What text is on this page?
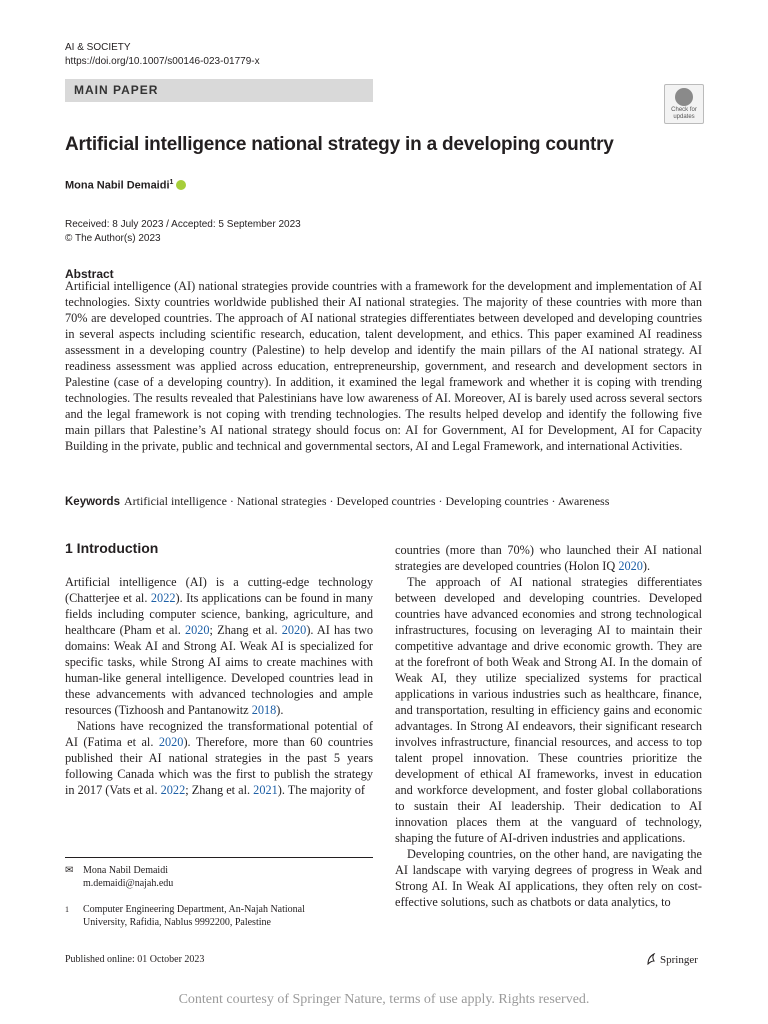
AI & SOCIETY
https://doi.org/10.1007/s00146-023-01779-x
MAIN PAPER
Check for updates
Artificial intelligence national strategy in a developing country
Mona Nabil Demaidi$^1$
Received: 8 July 2023 / Accepted: 5 September 2023
© The Author(s) 2023
Abstract
Artificial intelligence (AI) national strategies provide countries with a framework for the development and implementation of AI technologies. Sixty countries worldwide published their AI national strategies. The majority of these countries with more than 70% are developed countries. The approach of AI national strategies differentiates between developed and developing countries in several aspects including scientific research, education, talent development, and ethics. This paper examined AI readiness assessment in a developing country (Palestine) to help develop and identify the main pillars of the AI national strategy. AI readiness assessment was applied across education, entrepreneurship, government, and research and development sectors in Palestine (case of a developing country). In addition, it examined the legal framework and whether it is coping with trending technologies. The results revealed that Palestinians have low awareness of AI. Moreover, AI is barely used across several sectors and the legal framework is not coping with trending technologies. The results helped develop and identify the following five main pillars that Palestine’s AI national strategy should focus on: AI for Government, AI for Development, AI for Capacity Building in the private, public and technical and governmental sectors, AI and Legal Framework, and international Activities.
Keywords Artificial intelligence · National strategies · Developed countries · Developing countries · Awareness
1 Introduction

Artificial intelligence (AI) is a cutting-edge technology (Chatterjee et al. 2022). Its applications can be found in many fields including computer science, banking, agriculture, and healthcare (Pham et al. 2020; Zhang et al. 2020). AI has two domains: Weak AI and Strong AI. Weak AI is specialized for specific tasks, while Strong AI aims to create machines with human-like general intelligence. Developed countries lead in these advancements with advanced technologies and ample resources (Tizhoosh and Pantanowitz 2018).

Nations have recognized the transformational potential of AI (Fatima et al. 2020). Therefore, more than 60 countries published their AI national strategies in the past 5 years following Canada which was the first to publish the strategy in 2017 (Vats et al. 2022; Zhang et al. 2021). The majority of

countries (more than 70%) who launched their AI national strategies are developed countries (Holon IQ 2020).

The approach of AI national strategies differentiates between developed and developing countries. Developed countries have advanced economies and strong technological infrastructures, focusing on leveraging AI to maintain their competitive advantage and drive economic growth. They are at the forefront of both Weak and Strong AI. In the domain of Weak AI, they utilize specialized systems for practical applications in various industries such as healthcare, finance, and transportation, resulting in efficiency gains and economic advantages. In Strong AI endeavors, their significant research involves infrastructure, financial resources, and access to top talent propel innovation. These countries prioritize the development of ethical AI frameworks, invest in education and workforce development, and foster global collaborations to sustain their AI leadership. Their dedication to AI innovation places them at the vanguard of technology, shaping the future of AI-driven industries and applications.

Developing countries, on the other hand, are navigating the AI landscape with varying degrees of progress in Weak and Strong AI. In Weak AI applications, they often rely on cost-effective solutions, such as chatbots or data analytics, to

✉ Mona Nabil Demaidi
m.demaidi@najah.edu
1 Computer Engineering Department, An-Najah National
University, Rafidia, Nablus 9992200, Palestine
Published online: 01 October 2023	Springer
Content courtesy of Springer Nature, terms of use apply. Rights reserved.
